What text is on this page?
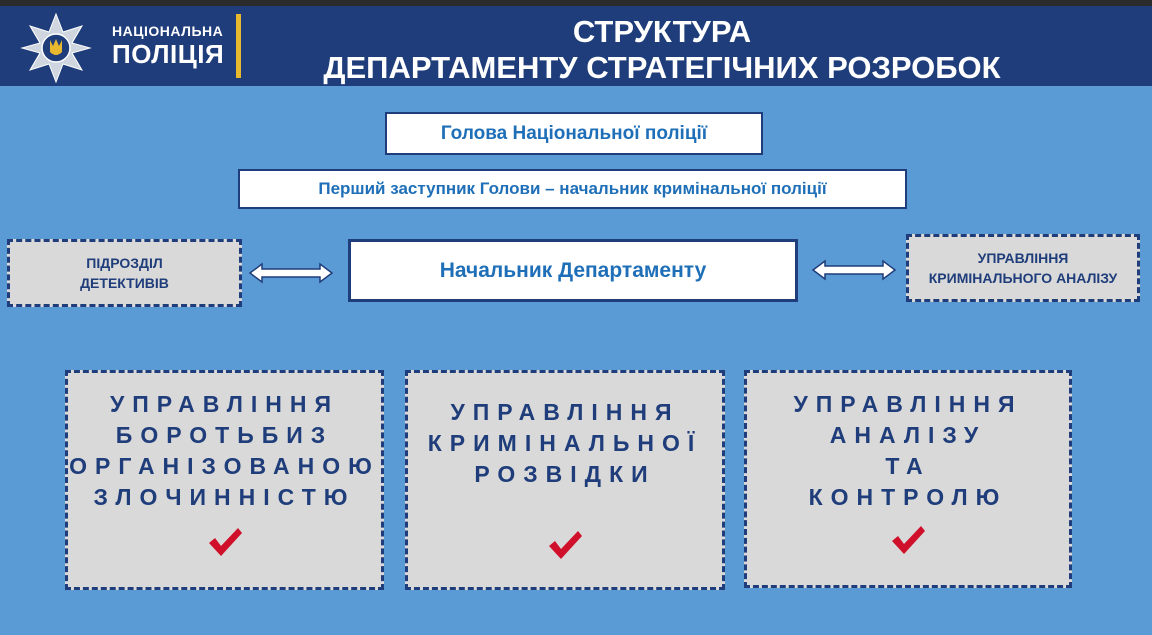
НАЦІОНАЛЬНА
ПОЛІЦІЯ
СТРУКТУРА
ДЕПАРТАМЕНТУ СТРАТЕГІЧНИХ РОЗРОБОК
Голова Національної поліції
Перший заступник Голови – начальник кримінальної поліції
ПІДРОЗДІЛ
ДЕТЕКТИВІВ
Начальник Департаменту
УПРАВЛІННЯ
КРИМІНАЛЬНОГО АНАЛІЗУ
УПРАВЛІННЯ
БОРОТЬБИЗ
ОРГАНІЗОВАНОЮ
ЗЛОЧИННІСТЮ
УПРАВЛІННЯ
КРИМІНАЛЬНОЇ
РОЗВІДКИ
УПРАВЛІННЯ
АНАЛІЗУ
ТА
КОНТРОЛЮ
